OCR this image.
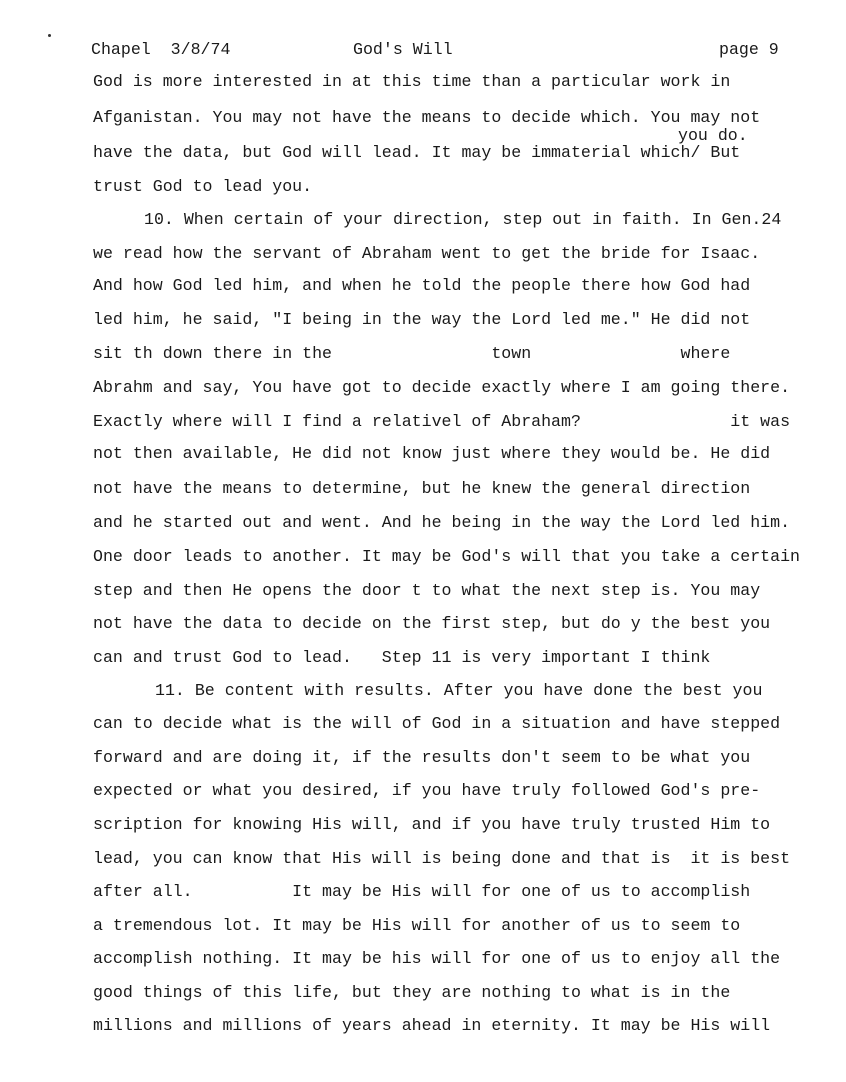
Chapel  3/8/74	God's Will	page 9
you do.
God is more interested in at this time than a particular work in
Afganistan. You may not have the means to decide which. You may not
have the data, but God will lead. It may be immaterial which/ But
trust God to lead you.
10. When certain of your direction, step out in faith. In Gen.24
we read how the servant of Abraham went to get the bride for Isaac.
And how God led him, and when he told the people there how God had
led him, he said, "I being in the way the Lord led me." He did not
sit th down there in the                town               where
Abrahm and say, You have got to decide exactly where I am going there.
Exactly where will I find a relativel of Abraham?               it was
not then available, He did not know just where they would be. He did
not have the means to determine, but he knew the general direction
and he started out and went. And he being in the way the Lord led him.
One door leads to another. It may be God's will that you take a certain
step and then He opens the door t to what the next step is. You may
not have the data to decide on the first step, but do y the best you
can and trust God to lead.   Step 11 is very important I think
11. Be content with results. After you have done the best you
can to decide what is the will of God in a situation and have stepped
forward and are doing it, if the results don't seem to be what you
expected or what you desired, if you have truly followed God's pre-
scription for knowing His will, and if you have truly trusted Him to
lead, you can know that His will is being done and that is  it is best
after all.          It may be His will for one of us to accomplish
a tremendous lot. It may be His will for another of us to seem to
accomplish nothing. It may be his will for one of us to enjoy all the
good things of this life, but they are nothing to what is in the
millions and millions of years ahead in eternity. It may be His will
